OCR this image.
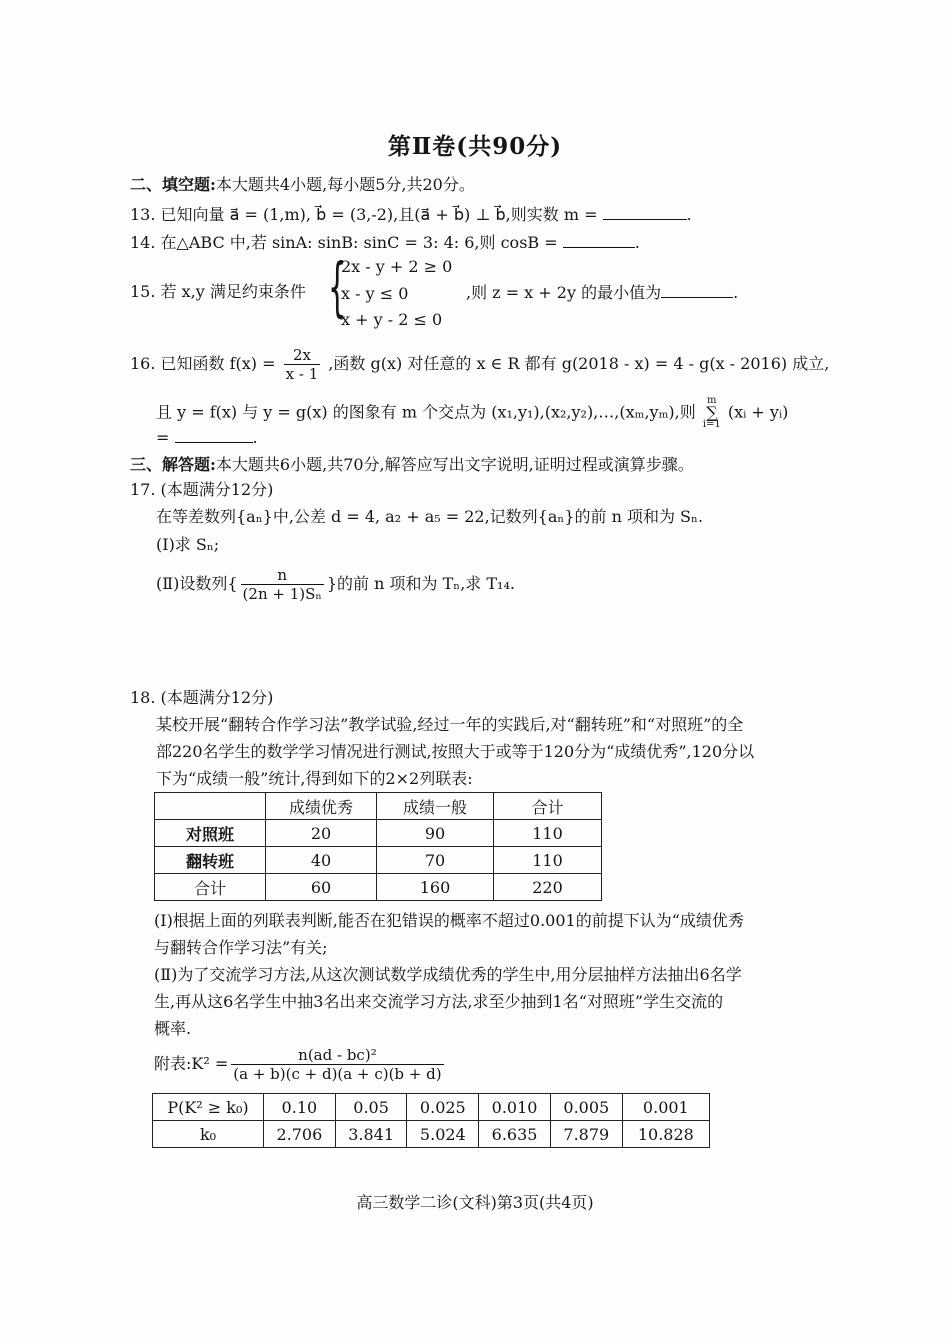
第Ⅱ卷(共90分)
二、填空题:本大题共4小题,每小题5分,共20分。
13. 已知向量 a⃗ = (1,m), b⃗ = (3,-2),且(a⃗ + b⃗) ⊥ b⃗,则实数 m =	.
14. 在△ABC 中,若 sinA: sinB: sinC = 3: 4: 6,则 cosB =	.
15. 若 x,y 满足约束条件 {
2x - y + 2 ≥ 0
x - y ≤ 0
x + y - 2 ≤ 0
,则 z = x + 2y 的最小值为	.
16. 已知函数 $f(x) = \frac{2x}{x - 1}$ ,函数 g(x) 对任意的 x ∈ R 都有 g(2018 - x) = 4 - g(x - 2016) 成立,
且 y = f(x) 与 y = g(x) 的图象有 m 个交点为 (x₁,y₁),(x₂,y₂),…,(xₘ,yₘ),则 m
∑
i=1 (xᵢ + yᵢ)
=	.
三、解答题:本大题共6小题,共70分,解答应写出文字说明,证明过程或演算步骤。
17. (本题满分12分)
在等差数列{aₙ}中,公差 d = 4, a₂ + a₅ = 22,记数列{aₙ}的前 n 项和为 Sₙ.
(Ⅰ)求 Sₙ;
(Ⅱ)设数列{ $\frac{n}{\text{(2n + 1)Sₙ}}$ }的前 n 项和为 Tₙ,求 T₁₄.
18. (本题满分12分)
某校开展“翻转合作学习法”教学试验,经过一年的实践后,对“翻转班”和“对照班”的全
部220名学生的数学学习情况进行测试,按照大于或等于120分为“成绩优秀”,120分以
下为“成绩一般”统计,得到如下的2×2列联表:
	成绩优秀	成绩一般	合计
对照班	20	90	110
翻转班	40	70	110
合计	60	160	220
(Ⅰ)根据上面的列联表判断,能否在犯错误的概率不超过0.001的前提下认为“成绩优秀
与翻转合作学习法”有关;
(Ⅱ)为了交流学习方法,从这次测试数学成绩优秀的学生中,用分层抽样方法抽出6名学
生,再从这6名学生中抽3名出来交流学习方法,求至少抽到1名“对照班”学生交流的
概率.
附表:K² = $\frac{\text{n(ad - bc)²}}{(a + b)(c + d)(a + c)(b + d)}$
P(K² ≥ k₀)	0.10	0.05	0.025	0.010	0.005	0.001
k₀	2.706	3.841	5.024	6.635	7.879	10.828
高三数学二诊(文科)第3页(共4页)
